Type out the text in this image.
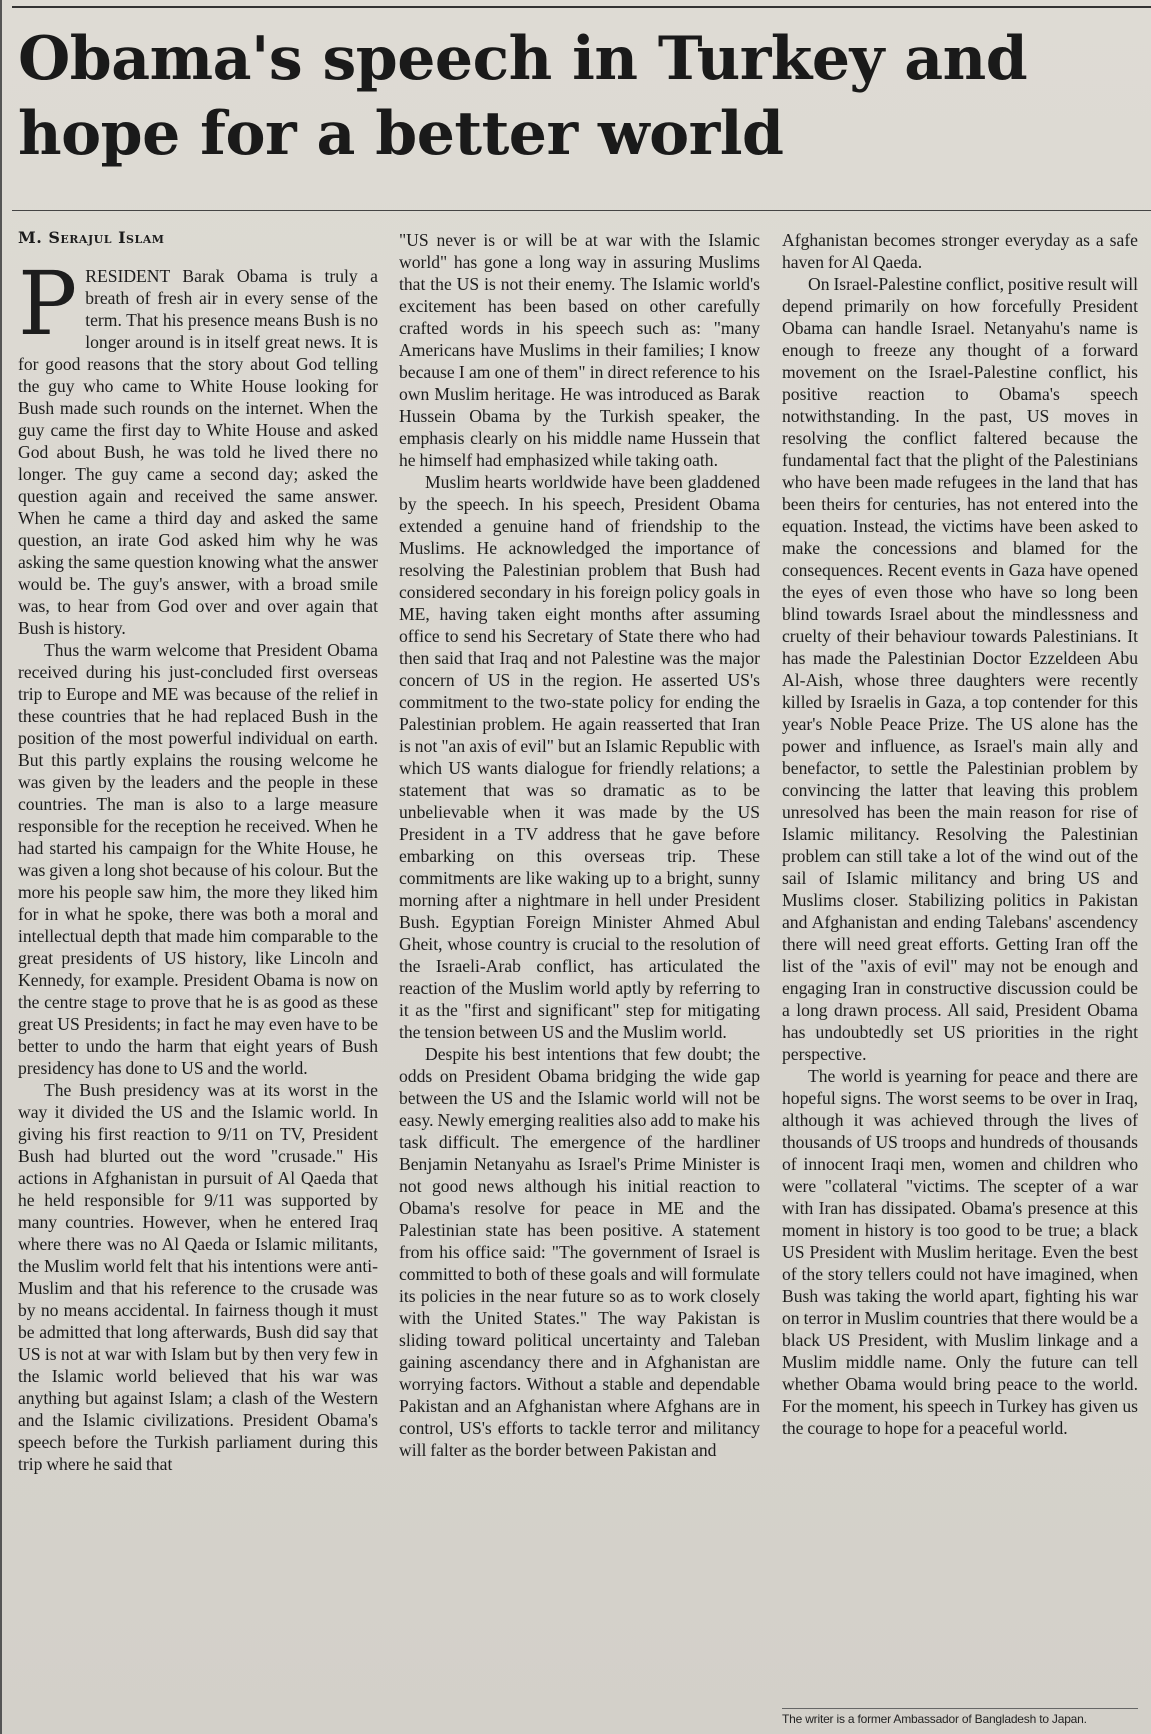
Obama's speech in Turkey and hope for a better world
M. Serajul Islam

PRESIDENT Barak Obama is truly a breath of fresh air in every sense of the term. That his presence means Bush is no longer around is in itself great news. It is for good reasons that the story about God telling the guy who came to White House looking for Bush made such rounds on the internet. When the guy came the first day to White House and asked God about Bush, he was told he lived there no longer. The guy came a second day; asked the question again and received the same answer. When he came a third day and asked the same question, an irate God asked him why he was asking the same question knowing what the answer would be. The guy's answer, with a broad smile was, to hear from God over and over again that Bush is history.

Thus the warm welcome that President Obama received during his just-concluded first overseas trip to Europe and ME was because of the relief in these countries that he had replaced Bush in the position of the most powerful individual on earth. But this partly explains the rousing welcome he was given by the leaders and the people in these countries. The man is also to a large measure responsible for the reception he received. When he had started his campaign for the White House, he was given a long shot because of his colour. But the more his people saw him, the more they liked him for in what he spoke, there was both a moral and intellectual depth that made him comparable to the great presidents of US history, like Lincoln and Kennedy, for example. President Obama is now on the centre stage to prove that he is as good as these great US Presidents; in fact he may even have to be better to undo the harm that eight years of Bush presidency has done to US and the world.

The Bush presidency was at its worst in the way it divided the US and the Islamic world. In giving his first reaction to 9/11 on TV, President Bush had blurted out the word "crusade." His actions in Afghanistan in pursuit of Al Qaeda that he held responsible for 9/11 was supported by many countries. However, when he entered Iraq where there was no Al Qaeda or Islamic militants, the Muslim world felt that his intentions were anti-Muslim and that his reference to the crusade was by no means accidental. In fairness though it must be admitted that long afterwards, Bush did say that US is not at war with Islam but by then very few in the Islamic world believed that his war was anything but against Islam; a clash of the Western and the Islamic civilizations. President Obama's speech before the Turkish parliament during this trip where he said that

"US never is or will be at war with the Islamic world" has gone a long way in assuring Muslims that the US is not their enemy. The Islamic world's excitement has been based on other carefully crafted words in his speech such as: "many Americans have Muslims in their families; I know because I am one of them" in direct reference to his own Muslim heritage. He was introduced as Barak Hussein Obama by the Turkish speaker, the emphasis clearly on his middle name Hussein that he himself had emphasized while taking oath.

Muslim hearts worldwide have been gladdened by the speech. In his speech, President Obama extended a genuine hand of friendship to the Muslims. He acknowledged the importance of resolving the Palestinian problem that Bush had considered secondary in his foreign policy goals in ME, having taken eight months after assuming office to send his Secretary of State there who had then said that Iraq and not Palestine was the major concern of US in the region. He asserted US's commitment to the two-state policy for ending the Palestinian problem. He again reasserted that Iran is not "an axis of evil" but an Islamic Republic with which US wants dialogue for friendly relations; a statement that was so dramatic as to be unbelievable when it was made by the US President in a TV address that he gave before embarking on this overseas trip. These commitments are like waking up to a bright, sunny morning after a nightmare in hell under President Bush. Egyptian Foreign Minister Ahmed Abul Gheit, whose country is crucial to the resolution of the Israeli-Arab conflict, has articulated the reaction of the Muslim world aptly by referring to it as the "first and significant" step for mitigating the tension between US and the Muslim world.

Despite his best intentions that few doubt; the odds on President Obama bridging the wide gap between the US and the Islamic world will not be easy. Newly emerging realities also add to make his task difficult. The emergence of the hardliner Benjamin Netanyahu as Israel's Prime Minister is not good news although his initial reaction to Obama's resolve for peace in ME and the Palestinian state has been positive. A statement from his office said: "The government of Israel is committed to both of these goals and will formulate its policies in the near future so as to work closely with the United States." The way Pakistan is sliding toward political uncertainty and Taleban gaining ascendancy there and in Afghanistan are worrying factors. Without a stable and dependable Pakistan and an Afghanistan where Afghans are in control, US's efforts to tackle terror and militancy will falter as the border between Pakistan and

Afghanistan becomes stronger everyday as a safe haven for Al Qaeda.

On Israel-Palestine conflict, positive result will depend primarily on how forcefully President Obama can handle Israel. Netanyahu's name is enough to freeze any thought of a forward movement on the Israel-Palestine conflict, his positive reaction to Obama's speech notwithstanding. In the past, US moves in resolving the conflict faltered because the fundamental fact that the plight of the Palestinians who have been made refugees in the land that has been theirs for centuries, has not entered into the equation. Instead, the victims have been asked to make the concessions and blamed for the consequences. Recent events in Gaza have opened the eyes of even those who have so long been blind towards Israel about the mindlessness and cruelty of their behaviour towards Palestinians. It has made the Palestinian Doctor Ezzeldeen Abu Al-Aish, whose three daughters were recently killed by Israelis in Gaza, a top contender for this year's Noble Peace Prize. The US alone has the power and influence, as Israel's main ally and benefactor, to settle the Palestinian problem by convincing the latter that leaving this problem unresolved has been the main reason for rise of Islamic militancy. Resolving the Palestinian problem can still take a lot of the wind out of the sail of Islamic militancy and bring US and Muslims closer. Stabilizing politics in Pakistan and Afghanistan and ending Talebans' ascendency there will need great efforts. Getting Iran off the list of the "axis of evil" may not be enough and engaging Iran in constructive discussion could be a long drawn process. All said, President Obama has undoubtedly set US priorities in the right perspective.

The world is yearning for peace and there are hopeful signs. The worst seems to be over in Iraq, although it was achieved through the lives of thousands of US troops and hundreds of thousands of innocent Iraqi men, women and children who were "collateral "victims. The scepter of a war with Iran has dissipated. Obama's presence at this moment in history is too good to be true; a black US President with Muslim heritage. Even the best of the story tellers could not have imagined, when Bush was taking the world apart, fighting his war on terror in Muslim countries that there would be a black US President, with Muslim linkage and a Muslim middle name. Only the future can tell whether Obama would bring peace to the world. For the moment, his speech in Turkey has given us the courage to hope for a peaceful world.

The writer is a former Ambassador of Bangladesh to Japan.
